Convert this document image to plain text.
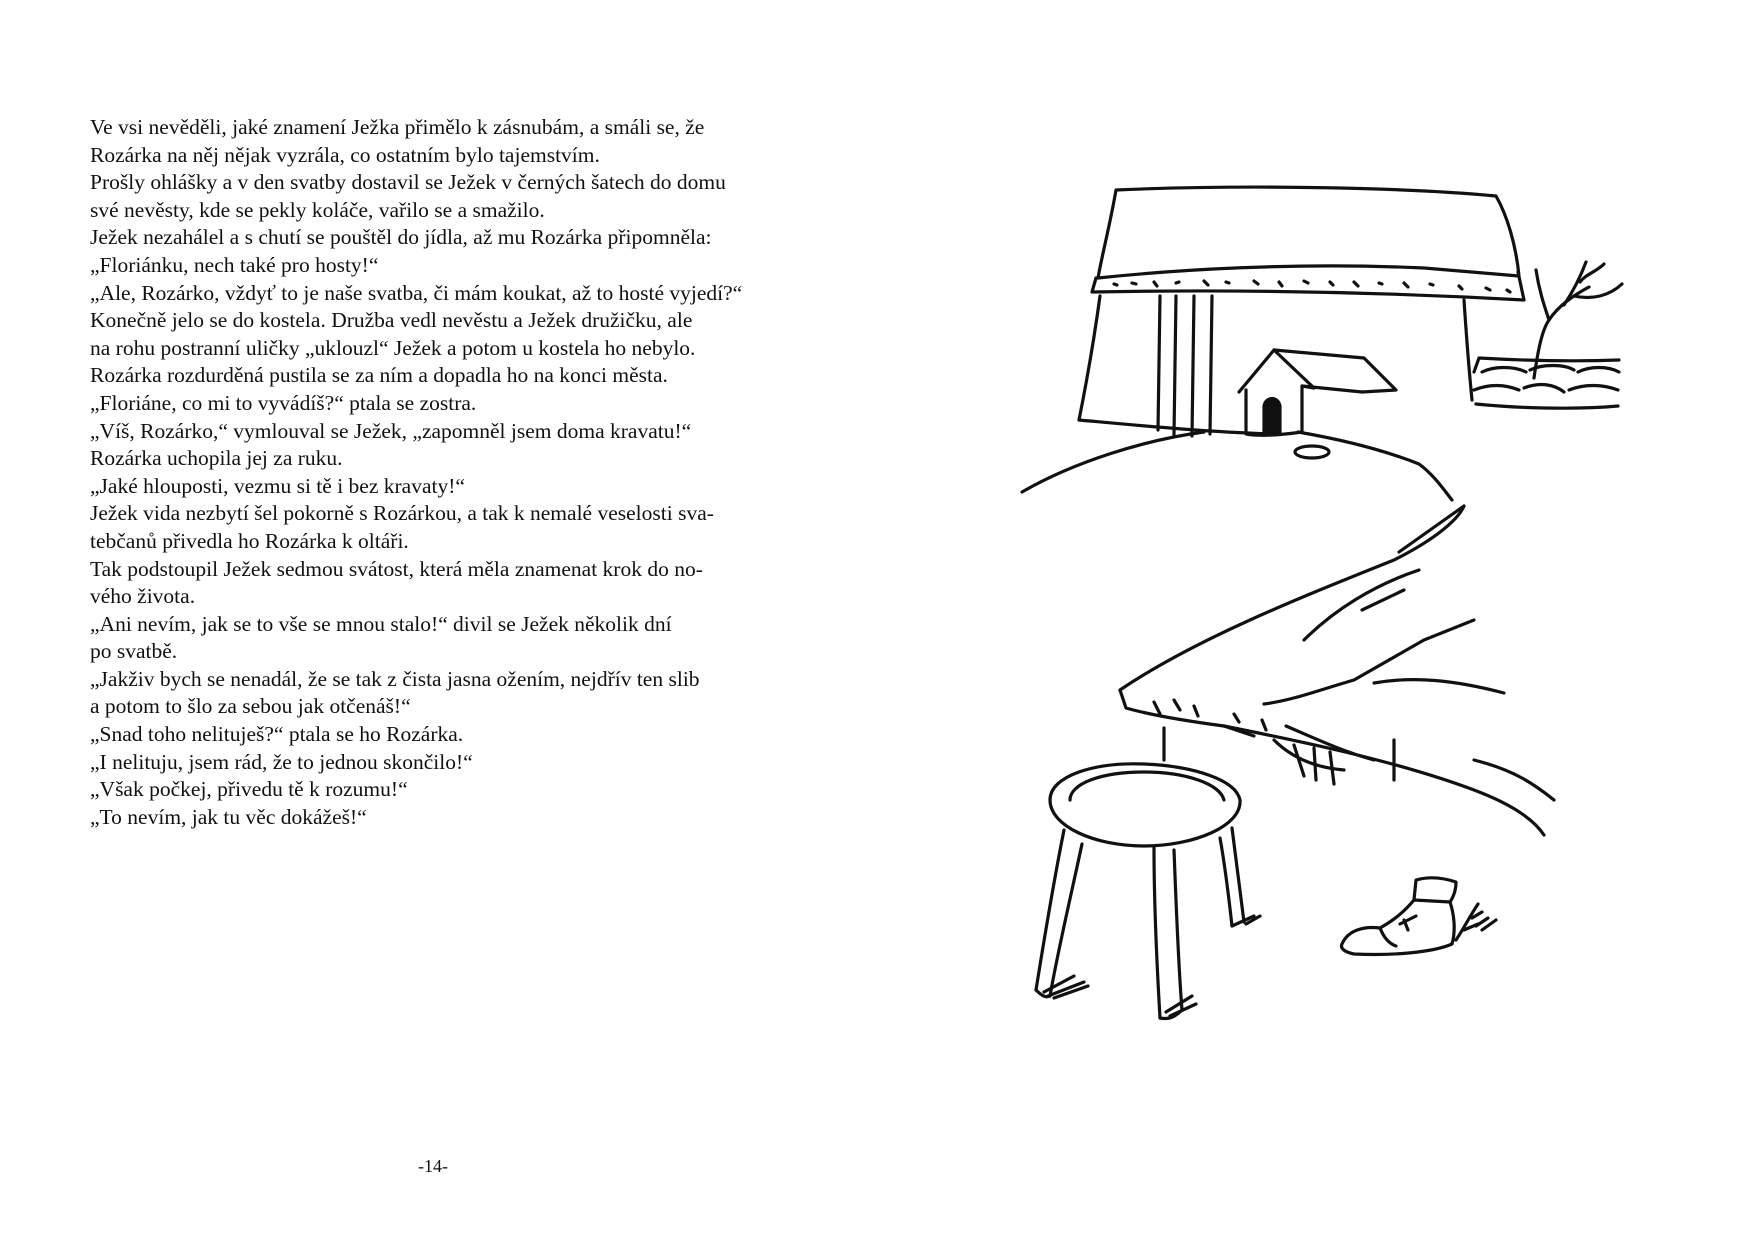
Ve vsi nevěděli, jaké znamení Ježka přimělo k zásnubám, a smáli se, že

Rozárka na něj nějak vyzrála, co ostatním bylo tajemstvím.

Prošly ohlášky a v den svatby dostavil se Ježek v černých šatech do domu

své nevěsty, kde se pekly koláče, vařilo se a smažilo.

Ježek nezahálel a s chutí se pouštěl do jídla, až mu Rozárka připomněla:

„Floriánku, nech také pro hosty!“

„Ale, Rozárko, vždyť to je naše svatba, či mám koukat, až to hosté vyjedí?“

Konečně jelo se do kostela. Družba vedl nevěstu a Ježek družičku, ale

na rohu postranní uličky „uklouzl“ Ježek a potom u kostela ho nebylo.

Rozárka rozdurděná pustila se za ním a dopadla ho na konci města.

„Floriáne, co mi to vyvádíš?“ ptala se zostra.

„Víš, Rozárko,“ vymlouval se Ježek, „zapomněl jsem doma kravatu!“

Rozárka uchopila jej za ruku.

„Jaké hlouposti, vezmu si tě i bez kravaty!“

Ježek vida nezbytí šel pokorně s Rozárkou, a tak k nemalé veselosti sva-

tebčanů přivedla ho Rozárka k oltáři.

Tak podstoupil Ježek sedmou svátost, která měla znamenat krok do no-

vého života.

„Ani nevím, jak se to vše se mnou stalo!“ divil se Ježek několik dní

po svatbě.

„Jakživ bych se nenadál, že se tak z čista jasna ožením, nejdřív ten slib

a potom to šlo za sebou jak otčenáš!“

„Snad toho nelituješ?“ ptala se ho Rozárka.

„I nelituju, jsem rád, že to jednou skončilo!“

„Však počkej, přivedu tě k rozumu!“

„To nevím, jak tu věc dokážeš!“

-14-
